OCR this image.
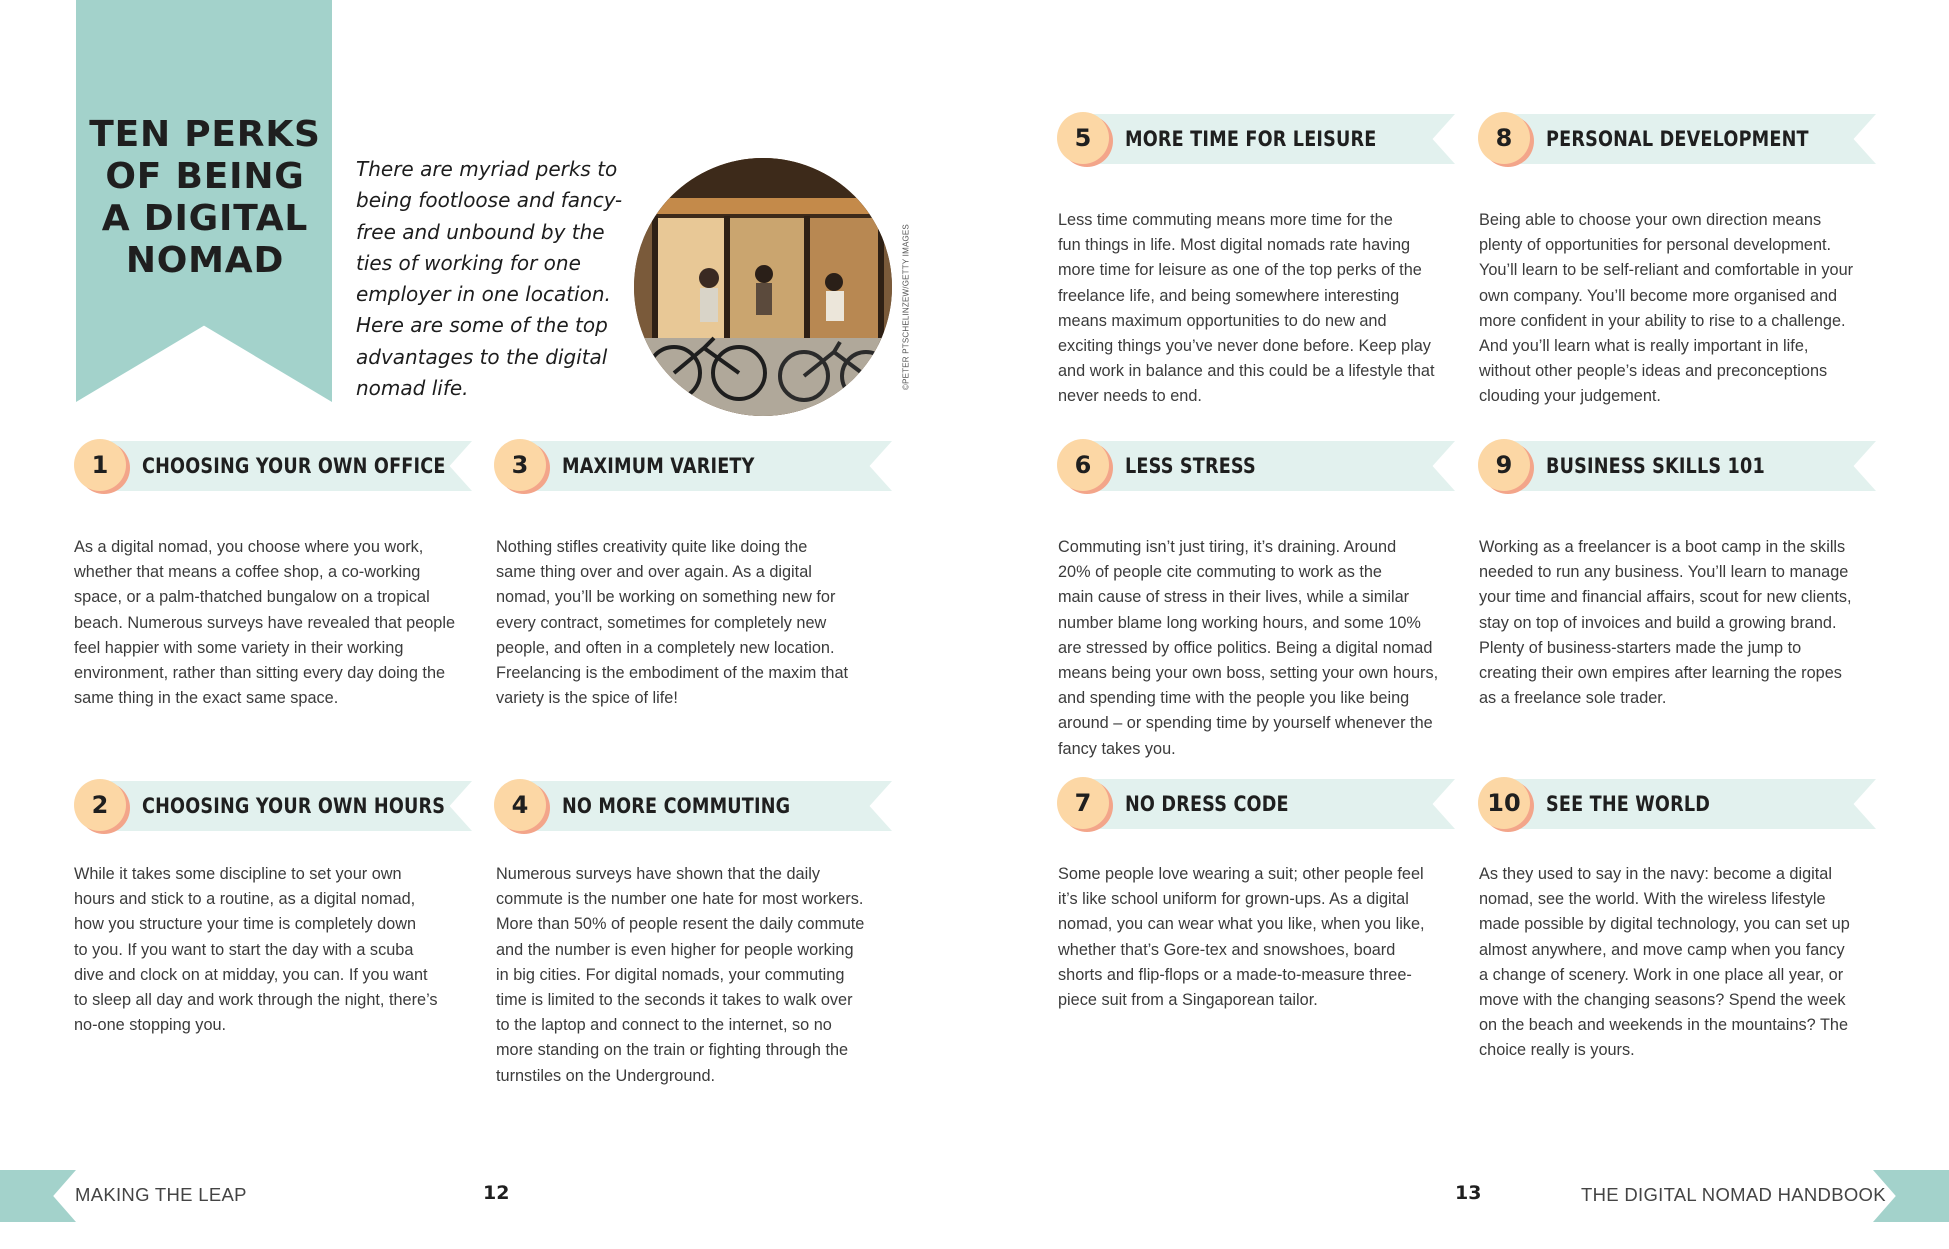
TEN PERKS
OF BEING
A DIGITAL
NOMAD
There are myriad perks to
being footloose and fancy-
free and unbound by the
ties of working for one
employer in one location.
Here are some of the top
advantages to the digital
nomad life.	©PETER PTSCHELINZEW/GETTY IMAGES
1	CHOOSING YOUR OWN OFFICE
As a digital nomad, you choose where you work,
whether that means a coffee shop, a co-working
space, or a palm-thatched bungalow on a tropical
beach. Numerous surveys have revealed that people
feel happier with some variety in their working
environment, rather than sitting every day doing the
same thing in the exact same space.
2	CHOOSING YOUR OWN HOURS
While it takes some discipline to set your own
hours and stick to a routine, as a digital nomad,
how you structure your time is completely down
to you. If you want to start the day with a scuba
dive and clock on at midday, you can. If you want
to sleep all day and work through the night, there’s
no-one stopping you.
3	MAXIMUM VARIETY
Nothing stifles creativity quite like doing the
same thing over and over again. As a digital
nomad, you’ll be working on something new for
every contract, sometimes for completely new
people, and often in a completely new location.
Freelancing is the embodiment of the maxim that
variety is the spice of life!
4	NO MORE COMMUTING
Numerous surveys have shown that the daily
commute is the number one hate for most workers.
More than 50% of people resent the daily commute
and the number is even higher for people working
in big cities. For digital nomads, your commuting
time is limited to the seconds it takes to walk over
to the laptop and connect to the internet, so no
more standing on the train or fighting through the
turnstiles on the Underground.
5	MORE TIME FOR LEISURE
Less time commuting means more time for the
fun things in life. Most digital nomads rate having
more time for leisure as one of the top perks of the
freelance life, and being somewhere interesting
means maximum opportunities to do new and
exciting things you’ve never done before. Keep play
and work in balance and this could be a lifestyle that
never needs to end.
6	LESS STRESS
Commuting isn’t just tiring, it’s draining. Around
20% of people cite commuting to work as the
main cause of stress in their lives, while a similar
number blame long working hours, and some 10%
are stressed by office politics. Being a digital nomad
means being your own boss, setting your own hours,
and spending time with the people you like being
around – or spending time by yourself whenever the
fancy takes you.
7	NO DRESS CODE
Some people love wearing a suit; other people feel
it’s like school uniform for grown-ups. As a digital
nomad, you can wear what you like, when you like,
whether that’s Gore-tex and snowshoes, board
shorts and flip-flops or a made-to-measure three-
piece suit from a Singaporean tailor.
8	PERSONAL DEVELOPMENT
Being able to choose your own direction means
plenty of opportunities for personal development.
You’ll learn to be self-reliant and comfortable in your
own company. You’ll become more organised and
more confident in your ability to rise to a challenge.
And you’ll learn what is really important in life,
without other people’s ideas and preconceptions
clouding your judgement.
9	BUSINESS SKILLS 101
Working as a freelancer is a boot camp in the skills
needed to run any business. You’ll learn to manage
your time and financial affairs, scout for new clients,
stay on top of invoices and build a growing brand.
Plenty of business-starters made the jump to
creating their own empires after learning the ropes
as a freelance sole trader.
10	SEE THE WORLD
As they used to say in the navy: become a digital
nomad, see the world. With the wireless lifestyle
made possible by digital technology, you can set up
almost anywhere, and move camp when you fancy
a change of scenery. Work in one place all year, or
move with the changing seasons? Spend the week
on the beach and weekends in the mountains? The
choice really is yours.
MAKING THE LEAP	12	13	THE DIGITAL NOMAD HANDBOOK
